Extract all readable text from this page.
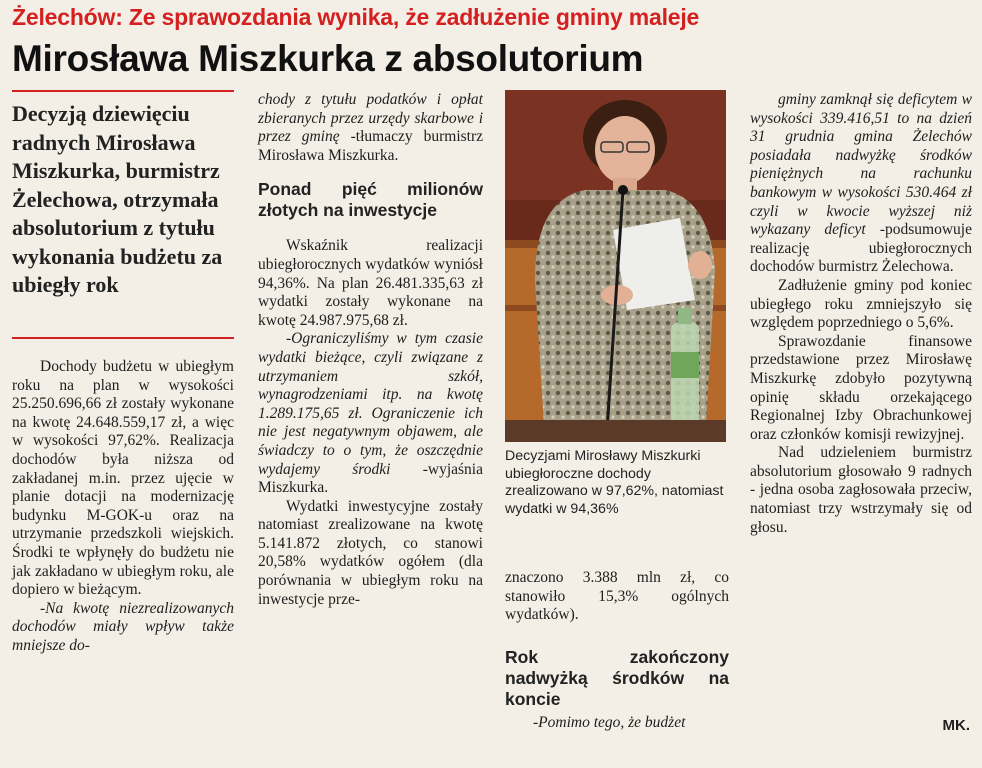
Żelechów: Ze sprawozdania wynika, że zadłużenie gminy maleje
Mirosława Miszkurka z absolutorium
Decyzją dziewięciu radnych Mirosława Miszkurka, burmistrz Żelechowa, otrzymała absolutorium z tytułu wykonania budżetu za ubiegły rok

Dochody budżetu w ubiegłym roku na plan w wysokości 25.250.696,66 zł zostały wykonane na kwotę 24.648.559,17 zł, a więc w wysokości 97,62%. Realizacja dochodów była niższa od zakładanej m.in. przez ujęcie w planie dotacji na modernizację budynku M-GOK-u oraz na utrzymanie przedszkoli wiejskich. Środki te wpłynęły do budżetu nie jak zakładano w ubiegłym roku, ale dopiero w bieżącym.

-Na kwotę niezrealizowanych dochodów miały wpływ także mniejsze do-

chody z tytułu podatków i opłat zbieranych przez urzędy skarbowe i przez gminę -tłumaczy burmistrz Mirosława Miszkurka.

Ponad pięć milionów złotych na inwestycje

Wskaźnik realizacji ubiegłorocznych wydatków wyniósł 94,36%. Na plan 26.481.335,63 zł wydatki zostały wykonane na kwotę 24.987.975,68 zł.

-Ograniczyliśmy w tym czasie wydatki bieżące, czyli związane z utrzymaniem szkół, wynagrodzeniami itp. na kwotę 1.289.175,65 zł. Ograniczenie ich nie jest negatywnym objawem, ale świadczy to o tym, że oszczędnie wydajemy środki -wyjaśnia Miszkurka.

Wydatki inwestycyjne zostały natomiast zrealizowane na kwotę 5.141.872 złotych, co stanowi 20,58% wydatków ogółem (dla porównania w ubiegłym roku na inwestycje prze-

Decyzjami Mirosławy Miszkurki ubiegłoroczne dochody zrealizowano w 97,62%, natomiast wydatki w 94,36%

znaczono 3.388 mln zł, co stanowiło 15,3% ogólnych wydatków).

Rok zakończony nadwyżką środków na koncie

-Pomimo tego, że budżet

gminy zamknął się deficytem w wysokości 339.416,51 to na dzień 31 grudnia gmina Żelechów posiadała nadwyżkę środków pieniężnych na rachunku bankowym w wysokości 530.464 zł czyli w kwocie wyższej niż wykazany deficyt -podsumowuje realizację ubiegłorocznych dochodów burmistrz Żelechowa.

Zadłużenie gminy pod koniec ubiegłego roku zmniejszyło się względem poprzedniego o 5,6%.

Sprawozdanie finansowe przedstawione przez Mirosławę Miszkurkę zdobyło pozytywną opinię składu orzekającego Regionalnej Izby Obrachunkowej oraz członków komisji rewizyjnej.

Nad udzieleniem burmistrz absolutorium głosowało 9 radnych - jedna osoba zagłosowała przeciw, natomiast trzy wstrzymały się od głosu.

MK.
